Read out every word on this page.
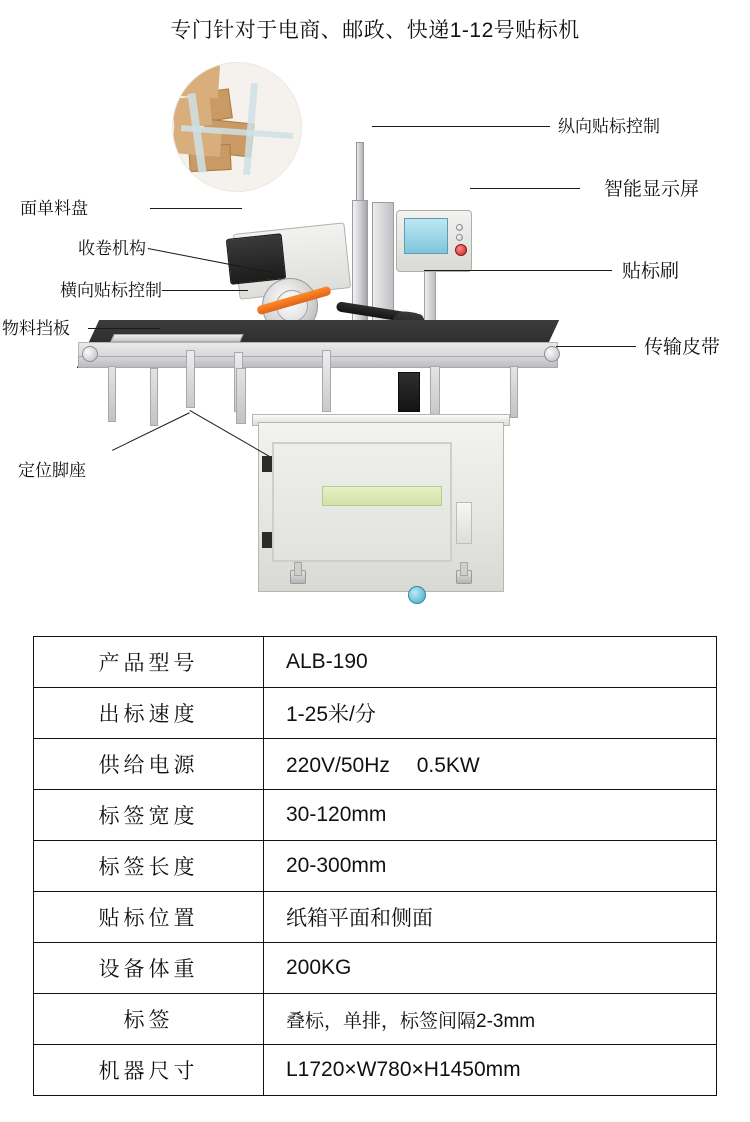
专门针对于电商、邮政、快递1-12号贴标机
纵向贴标控制
智能显示屏
贴标刷
传输皮带
面单料盘
收卷机构
横向贴标控制
物料挡板
定位脚座
产品型号	ALB-190
出标速度	1-25米/分
供给电源	220V/50Hz　 0.5KW
标签宽度	30-120mm
标签长度	20-300mm
贴标位置	纸箱平面和侧面
设备体重	200KG
标签	叠标，单排，标签间隔2-3mm
机器尺寸	L1720×W780×H1450mm
